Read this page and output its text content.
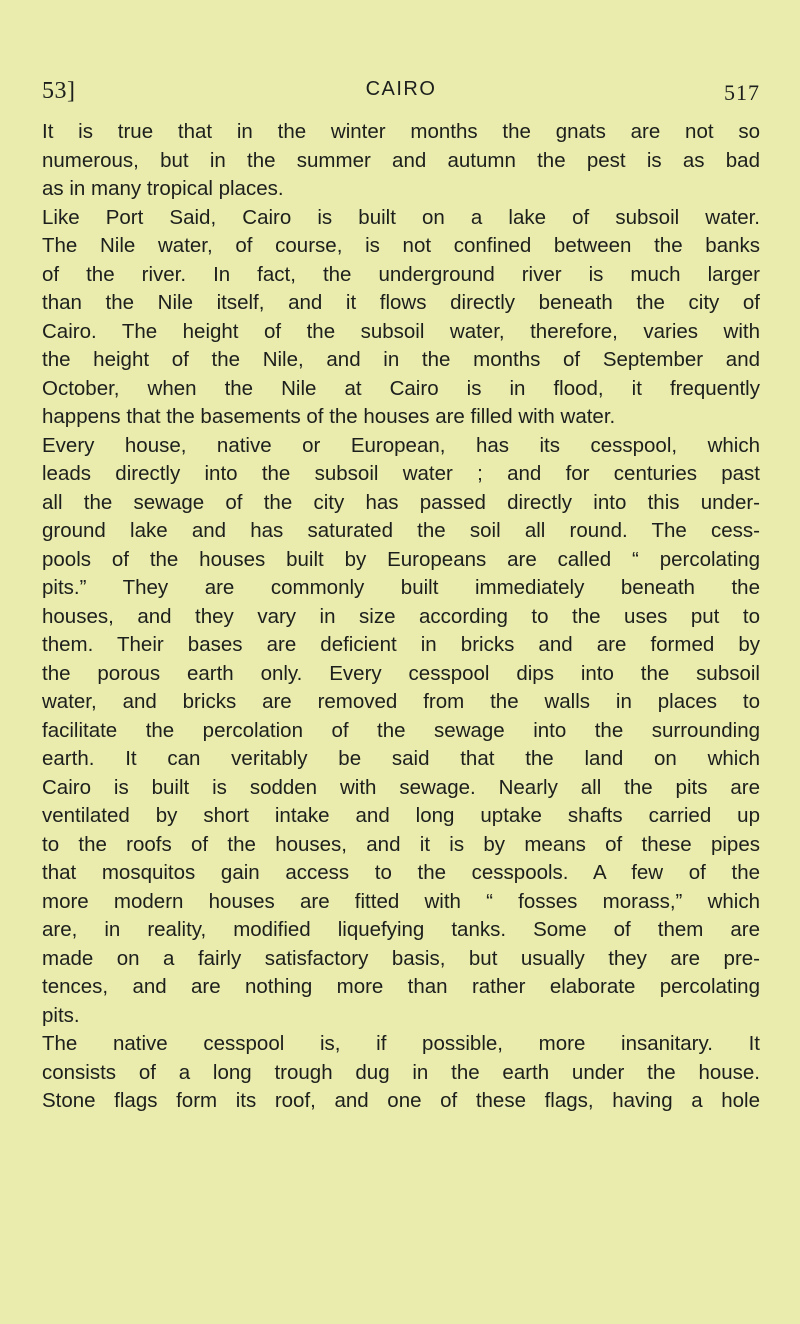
53]	CAIRO	517
It is true that in the winter months the gnats are not so
numerous, but in the summer and autumn the pest is as bad
as in many tropical places.
Like Port Said, Cairo is built on a lake of subsoil water.
The Nile water, of course, is not confined between the banks
of the river. In fact, the underground river is much larger
than the Nile itself, and it flows directly beneath the city of
Cairo. The height of the subsoil water, therefore, varies with
the height of the Nile, and in the months of September and
October, when the Nile at Cairo is in flood, it frequently
happens that the basements of the houses are filled with water.
Every house, native or European, has its cesspool, which
leads directly into the subsoil water ; and for centuries past
all the sewage of the city has passed directly into this under-
ground lake and has saturated the soil all round. The cess-
pools of the houses built by Europeans are called “ percolating
pits.” They are commonly built immediately beneath the
houses, and they vary in size according to the uses put to
them. Their bases are deficient in bricks and are formed by
the porous earth only. Every cesspool dips into the subsoil
water, and bricks are removed from the walls in places to
facilitate the percolation of the sewage into the surrounding
earth. It can veritably be said that the land on which
Cairo is built is sodden with sewage. Nearly all the pits are
ventilated by short intake and long uptake shafts carried up
to the roofs of the houses, and it is by means of these pipes
that mosquitos gain access to the cesspools. A few of the
more modern houses are fitted with “ fosses morass,” which
are, in reality, modified liquefying tanks. Some of them are
made on a fairly satisfactory basis, but usually they are pre-
tences, and are nothing more than rather elaborate percolating
pits.
The native cesspool is, if possible, more insanitary. It
consists of a long trough dug in the earth under the house.
Stone flags form its roof, and one of these flags, having a hole
